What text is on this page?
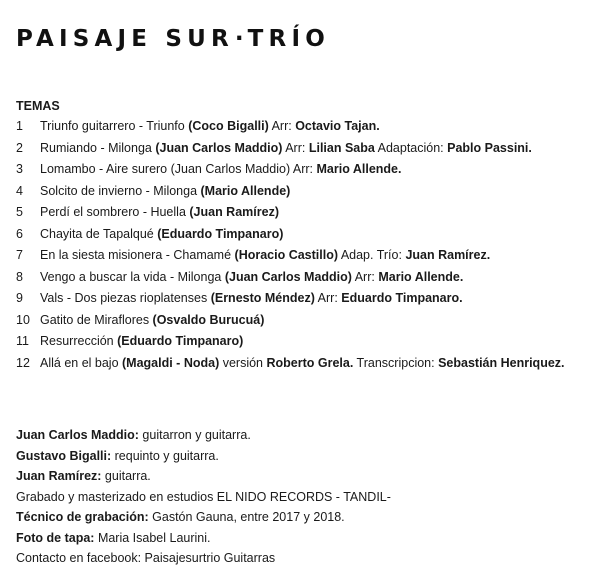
PAISAJE SUR·TRÍO
TEMAS
1 Triunfo guitarrero - Triunfo (Coco Bigalli) Arr: Octavio Tajan.
2 Rumiando - Milonga (Juan Carlos Maddio) Arr: Lilian Saba Adaptación: Pablo Passini.
3 Lomambo - Aire surero (Juan Carlos Maddio) Arr: Mario Allende.
4 Solcito de invierno - Milonga (Mario Allende)
5 Perdí el sombrero - Huella (Juan Ramírez)
6 Chayita de Tapalqué (Eduardo Timpanaro)
7 En la siesta misionera - Chamamé (Horacio Castillo) Adap. Trío: Juan Ramírez.
8 Vengo a buscar la vida - Milonga (Juan Carlos Maddio) Arr: Mario Allende.
9 Vals - Dos piezas rioplatenses (Ernesto Méndez) Arr: Eduardo Timpanaro.
10 Gatito de Miraflores (Osvaldo Burucuá)
11 Resurrección (Eduardo Timpanaro)
12 Allá en el bajo (Magaldi - Noda) versión Roberto Grela. Transcripcion: Sebastián Henriquez.
Juan Carlos Maddio: guitarron y guitarra.
Gustavo Bigalli: requinto y guitarra.
Juan Ramírez: guitarra.
Grabado y masterizado en estudios EL NIDO RECORDS - TANDIL-
Técnico de grabación: Gastón Gauna, entre 2017 y 2018.
Foto de tapa: Maria Isabel Laurini.
Contacto en facebook: Paisajesurtrio Guitarras
